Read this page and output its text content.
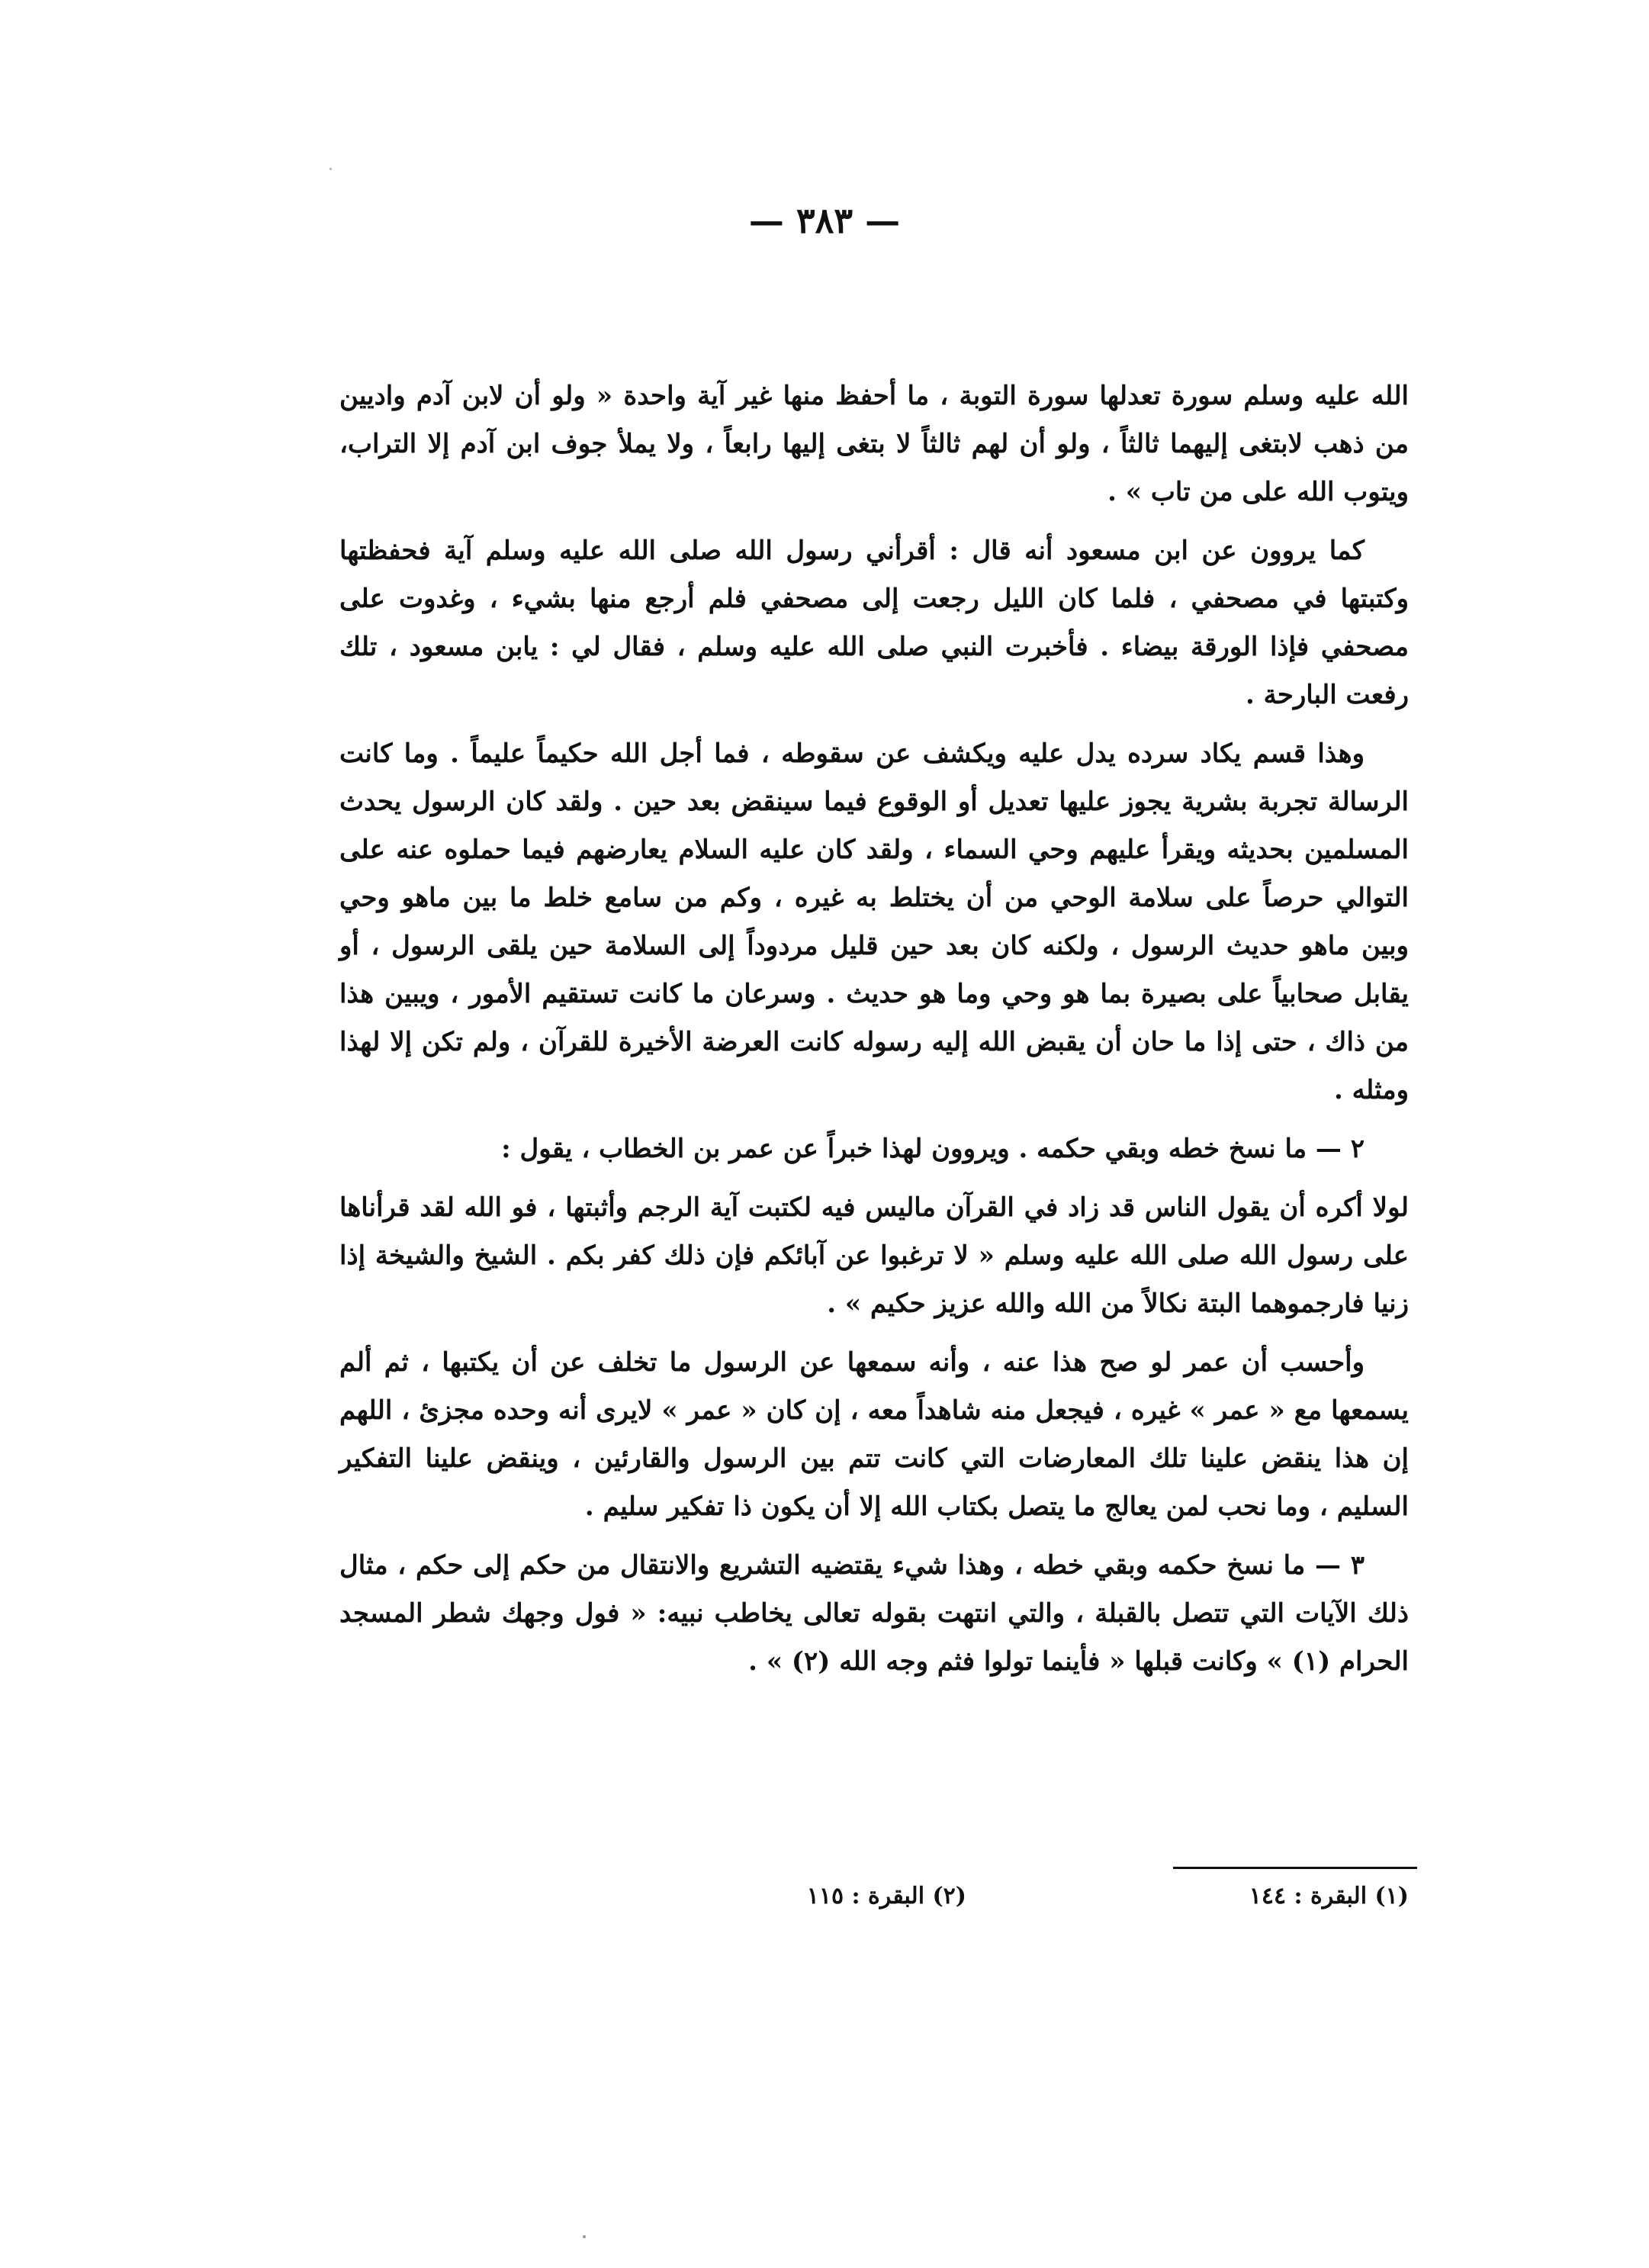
— ٣٨٣ —

الله عليه وسلم سورة تعدلها سورة التوبة ، ما أحفظ منها غير آية واحدة « ولو أن لابن آدم واديين من ذهب لابتغى إليهما ثالثاً ، ولو أن لهم ثالثاً لا بتغى إليها رابعاً ، ولا يملأ جوف ابن آدم إلا التراب، ويتوب الله على من تاب » .

كما يروون عن ابن مسعود أنه قال : أقرأني رسول الله صلى الله عليه وسلم آية فحفظتها وكتبتها في مصحفي ، فلما كان الليل رجعت إلى مصحفي فلم أرجع منها بشيء ، وغدوت على مصحفي فإذا الورقة بيضاء . فأخبرت النبي صلى الله عليه وسلم ، فقال لي : يابن مسعود ، تلك رفعت البارحة .

وهذا قسم يكاد سرده يدل عليه ويكشف عن سقوطه ، فما أجل الله حكيماً عليماً . وما كانت الرسالة تجربة بشرية يجوز عليها تعديل أو الوقوع فيما سينقض بعد حين . ولقد كان الرسول يحدث المسلمين بحديثه ويقرأ عليهم وحي السماء ، ولقد كان عليه السلام يعارضهم فيما حملوه عنه على التوالي حرصاً على سلامة الوحي من أن يختلط به غيره ، وكم من سامع خلط ما بين ماهو وحي وبين ماهو حديث الرسول ، ولكنه كان بعد حين قليل مردوداً إلى السلامة حين يلقى الرسول ، أو يقابل صحابياً على بصيرة بما هو وحي وما هو حديث . وسرعان ما كانت تستقيم الأمور ، ويبين هذا من ذاك ، حتى إذا ما حان أن يقبض الله إليه رسوله كانت العرضة الأخيرة للقرآن ، ولم تكن إلا لهذا ومثله .

٢ — ما نسخ خطه وبقي حكمه . ويروون لهذا خبراً عن عمر بن الخطاب ، يقول :

لولا أكره أن يقول الناس قد زاد في القرآن ماليس فيه لكتبت آية الرجم وأثبتها ، فو الله لقد قرأناها على رسول الله صلى الله عليه وسلم « لا ترغبوا عن آبائكم فإن ذلك كفر بكم . الشيخ والشيخة إذا زنيا فارجموهما البتة نكالاً من الله والله عزيز حكيم » .

وأحسب أن عمر لو صح هذا عنه ، وأنه سمعها عن الرسول ما تخلف عن أن يكتبها ، ثم ألم يسمعها مع « عمر » غيره ، فيجعل منه شاهداً معه ، إن كان « عمر » لايرى أنه وحده مجزئ ، اللهم إن هذا ينقض علينا تلك المعارضات التي كانت تتم بين الرسول والقارئين ، وينقض علينا التفكير السليم ، وما نحب لمن يعالج ما يتصل بكتاب الله إلا أن يكون ذا تفكير سليم .

٣ — ما نسخ حكمه وبقي خطه ، وهذا شيء يقتضيه التشريع والانتقال من حكم إلى حكم ، مثال ذلك الآيات التي تتصل بالقبلة ، والتي انتهت بقوله تعالى يخاطب نبيه: « فول وجهك شطر المسجد الحرام (١) » وكانت قبلها « فأينما تولوا فثم وجه الله (٢) » .

(١) البقرة : ١٤٤
(٢) البقرة : ١١٥
